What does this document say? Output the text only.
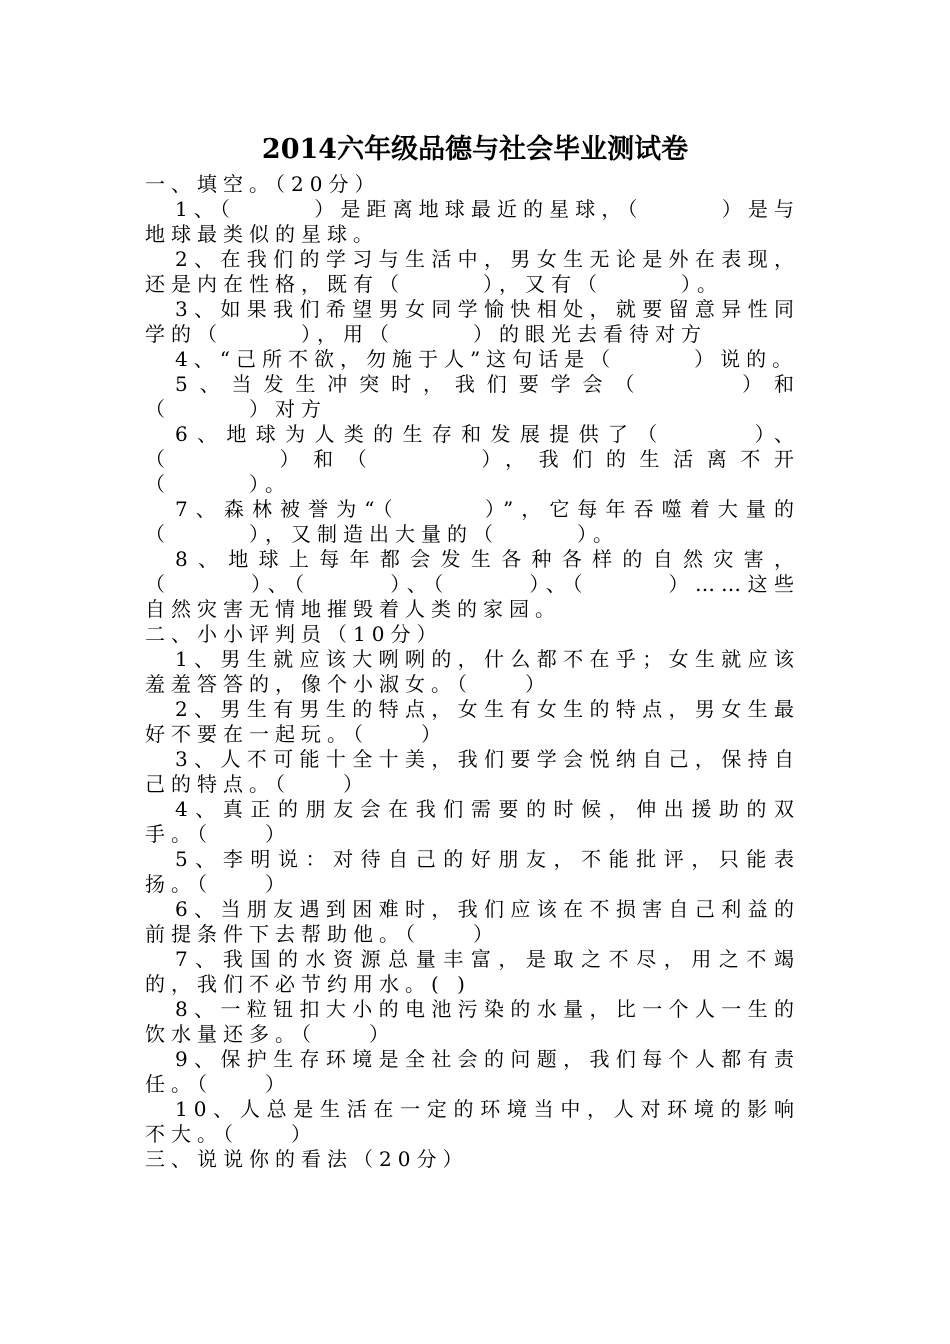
2014六年级品德与社会毕业测试卷

一、填空。（20分）

1、（　　　）是距离地球最近的星球，（　　　）是与地球最类似的星球。

2、在我们的学习与生活中，男女生无论是外在表现，还是内在性格，既有（　　　），又有（　　　）。

3、如果我们希望男女同学愉快相处，就要留意异性同学的（　　　），用（　　　）的眼光去看待对方

4、“己所不欲，勿施于人”这句话是（　　　）说的。

5、当发生冲突时，我们要学会（　　　）和（　　　）对方

6、地球为人类的生存和发展提供了（　　　）、（　　　）和（　　　），我们的生活离不开（　　　）。

7、森林被誉为“（　　　）”，它每年吞噬着大量的（　　　），又制造出大量的（　　　）。

8、地球上每年都会发生各种各样的自然灾害，（　　　）、（　　　）、（　　　）、（　　　）……这些自然灾害无情地摧毁着人类的家园。

二、小小评判员（10分）

1、男生就应该大咧咧的，什么都不在乎；女生就应该羞羞答答的，像个小淑女。（　　）

2、男生有男生的特点，女生有女生的特点，男女生最好不要在一起玩。（　　）

3、人不可能十全十美，我们要学会悦纳自己，保持自己的特点。（　　）

4、真正的朋友会在我们需要的时候，伸出援助的双手。（　　）

5、李明说：对待自己的好朋友，不能批评，只能表扬。（　　）

6、当朋友遇到困难时，我们应该在不损害自己利益的前提条件下去帮助他。（　　）

7、我国的水资源总量丰富，是取之不尽，用之不竭的，我们不必节约用水。( )

8、一粒钮扣大小的电池污染的水量，比一个人一生的饮水量还多。（　　）

9、保护生存环境是全社会的问题，我们每个人都有责任。（　　）

10、人总是生活在一定的环境当中，人对环境的影响不大。（　　）

三、说说你的看法（20分）
